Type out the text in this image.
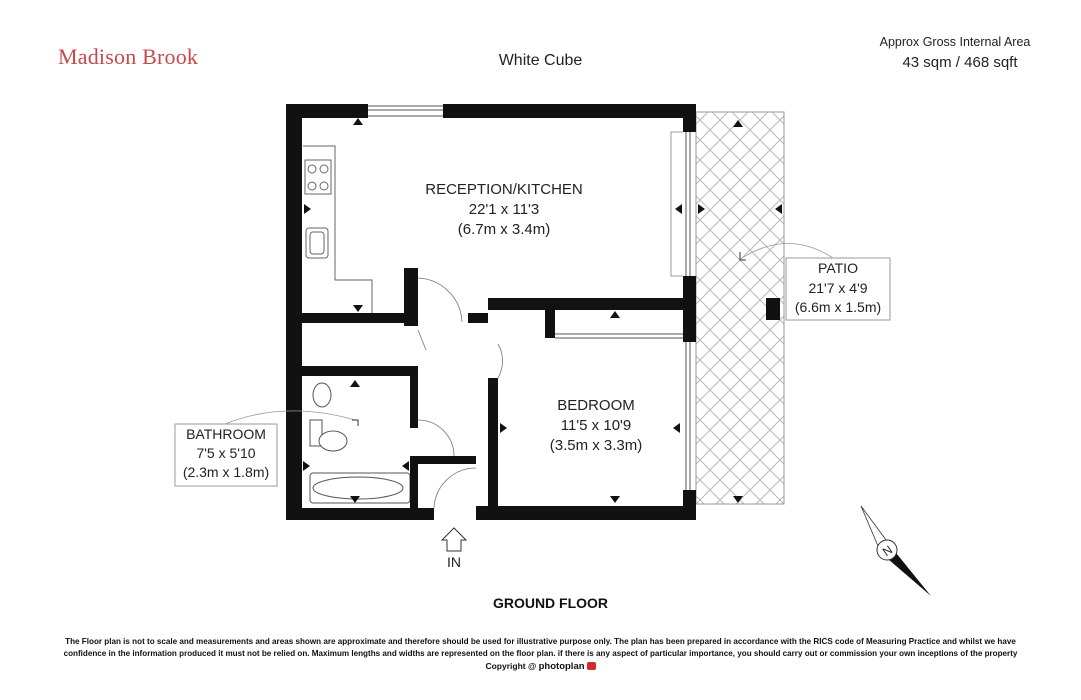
Madison Brook	White Cube
Approx Gross Internal Area
43 sqm / 468 sqft
RECEPTION/KITCHEN
22'1 x 11'3
(6.7m x 3.4m)
BEDROOM
11'5 x 10'9
(3.5m x 3.3m)
BATHROOM
7'5 x 5'10
(2.3m x 1.8m)
PATIO
21'7 x 4'9
(6.6m x 1.5m)
IN
N
GROUND FLOOR
The Floor plan is not to scale and measurements and areas shown are approximate and therefore should be used for illustrative purpose only. The plan has been prepared in accordance with the RICS code of Measuring Practice and whilst we have
confidence in the information produced it must not be relied on. Maximum lengths and widths are represented on the floor plan. if there is any aspect of particular importance, you should carry out or commission your own inceptions of the property
Copyright @ photoplan
